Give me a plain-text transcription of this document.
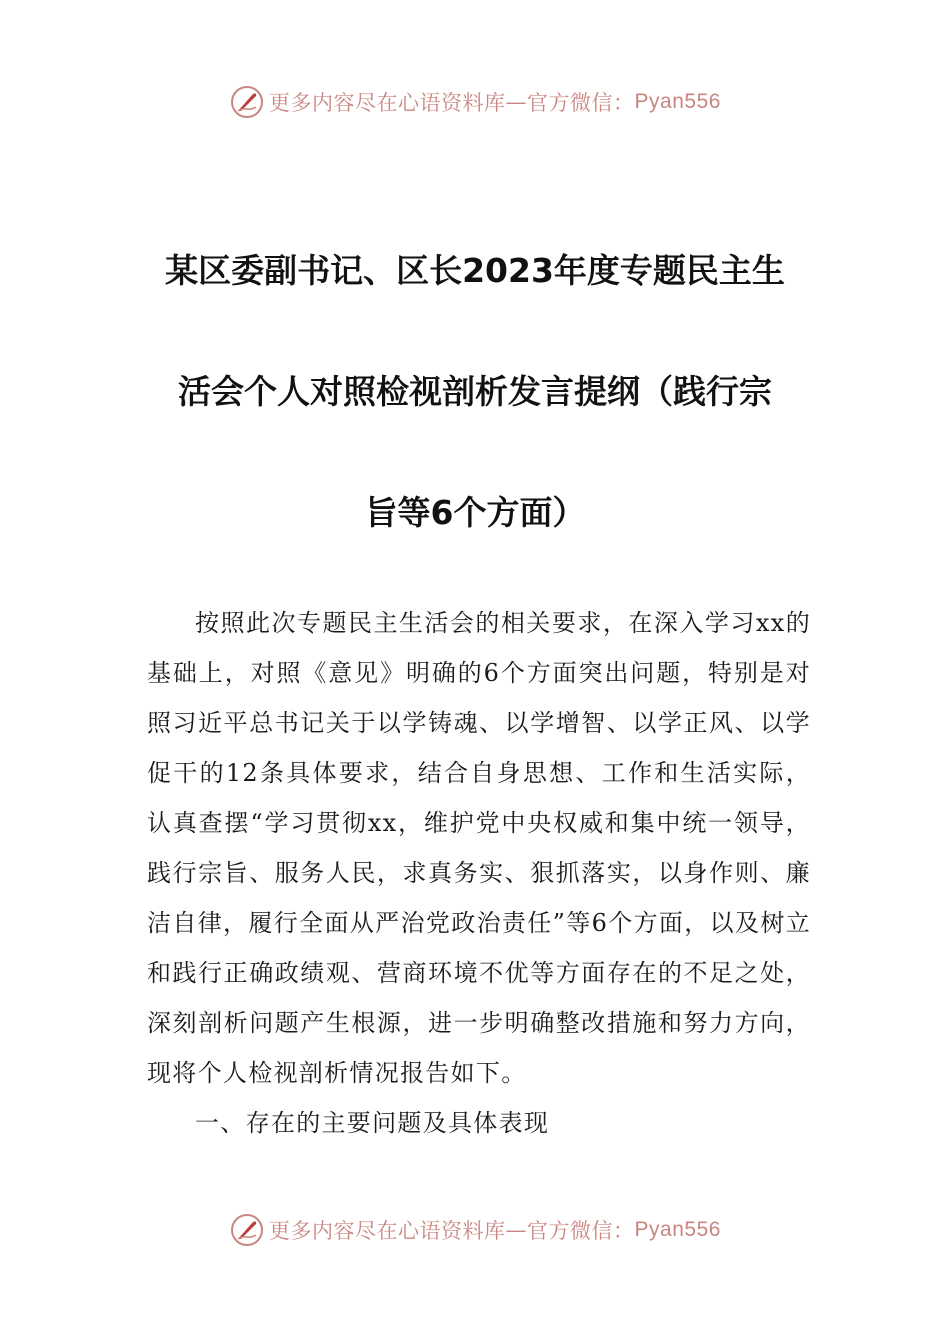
更多内容尽在心语资料库 — 官方微信： Pyan556
某区委副书记、区长2023年度专题民主生
活会个人对照检视剖析发言提纲（践行宗
旨等6个方面）

按照此次专题民主生活会的相关要求，在深入学习xx的基础上，对照《意见》明确的6个方面突出问题，特别是对照习近平总书记关于以学铸魂、以学增智、以学正风、以学促干的12条具体要求，结合自身思想、工作和生活实际，认真查摆“学习贯彻xx，维护党中央权威和集中统一领导，践行宗旨、服务人民，求真务实、狠抓落实，以身作则、廉洁自律，履行全面从严治党政治责任”等6个方面，以及树立和践行正确政绩观、营商环境不优等方面存在的不足之处，深刻剖析问题产生根源，进一步明确整改措施和努力方向，现将个人检视剖析情况报告如下。

一、存在的主要问题及具体表现

更多内容尽在心语资料库 — 官方微信： Pyan556
